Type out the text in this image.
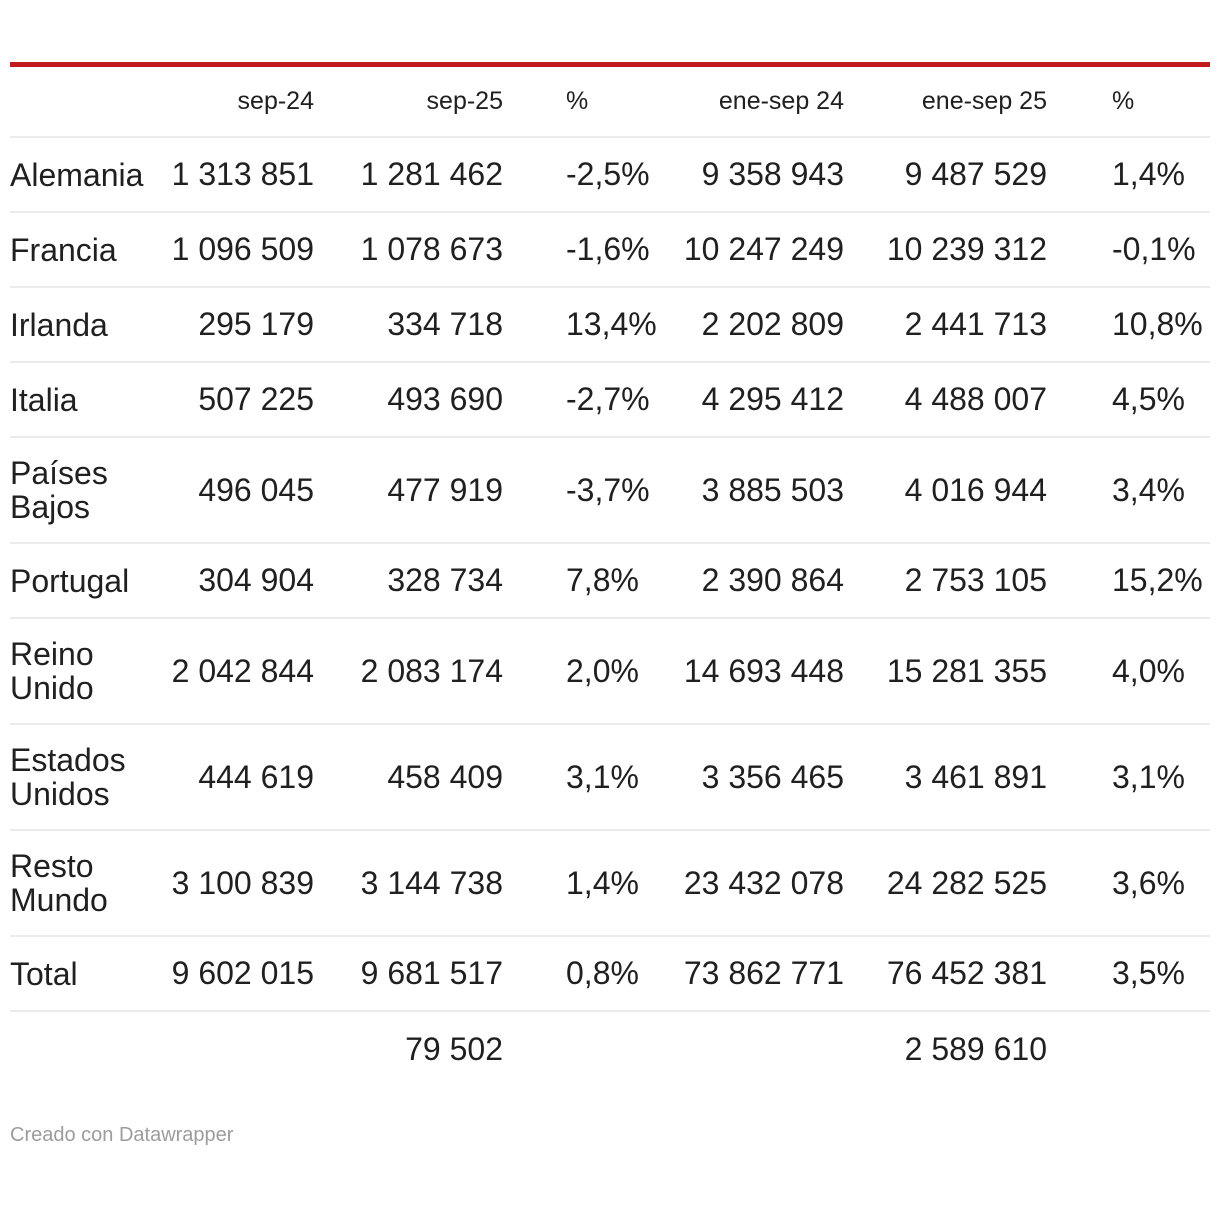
	sep-24	sep-25	%	ene-sep 24	ene-sep 25	%
Alemania	1 313 851	1 281 462	-2,5%	9 358 943	9 487 529	1,4%
Francia	1 096 509	1 078 673	-1,6%	10 247 249	10 239 312	-0,1%
Irlanda	295 179	334 718	13,4%	2 202 809	2 441 713	10,8%
Italia	507 225	493 690	-2,7%	4 295 412	4 488 007	4,5%
Países Bajos	496 045	477 919	-3,7%	3 885 503	4 016 944	3,4%
Portugal	304 904	328 734	7,8%	2 390 864	2 753 105	15,2%
Reino Unido	2 042 844	2 083 174	2,0%	14 693 448	15 281 355	4,0%
Estados Unidos	444 619	458 409	3,1%	3 356 465	3 461 891	3,1%
Resto Mundo	3 100 839	3 144 738	1,4%	23 432 078	24 282 525	3,6%
Total	9 602 015	9 681 517	0,8%	73 862 771	76 452 381	3,5%
		79 502			2 589 610	
Creado con Datawrapper
